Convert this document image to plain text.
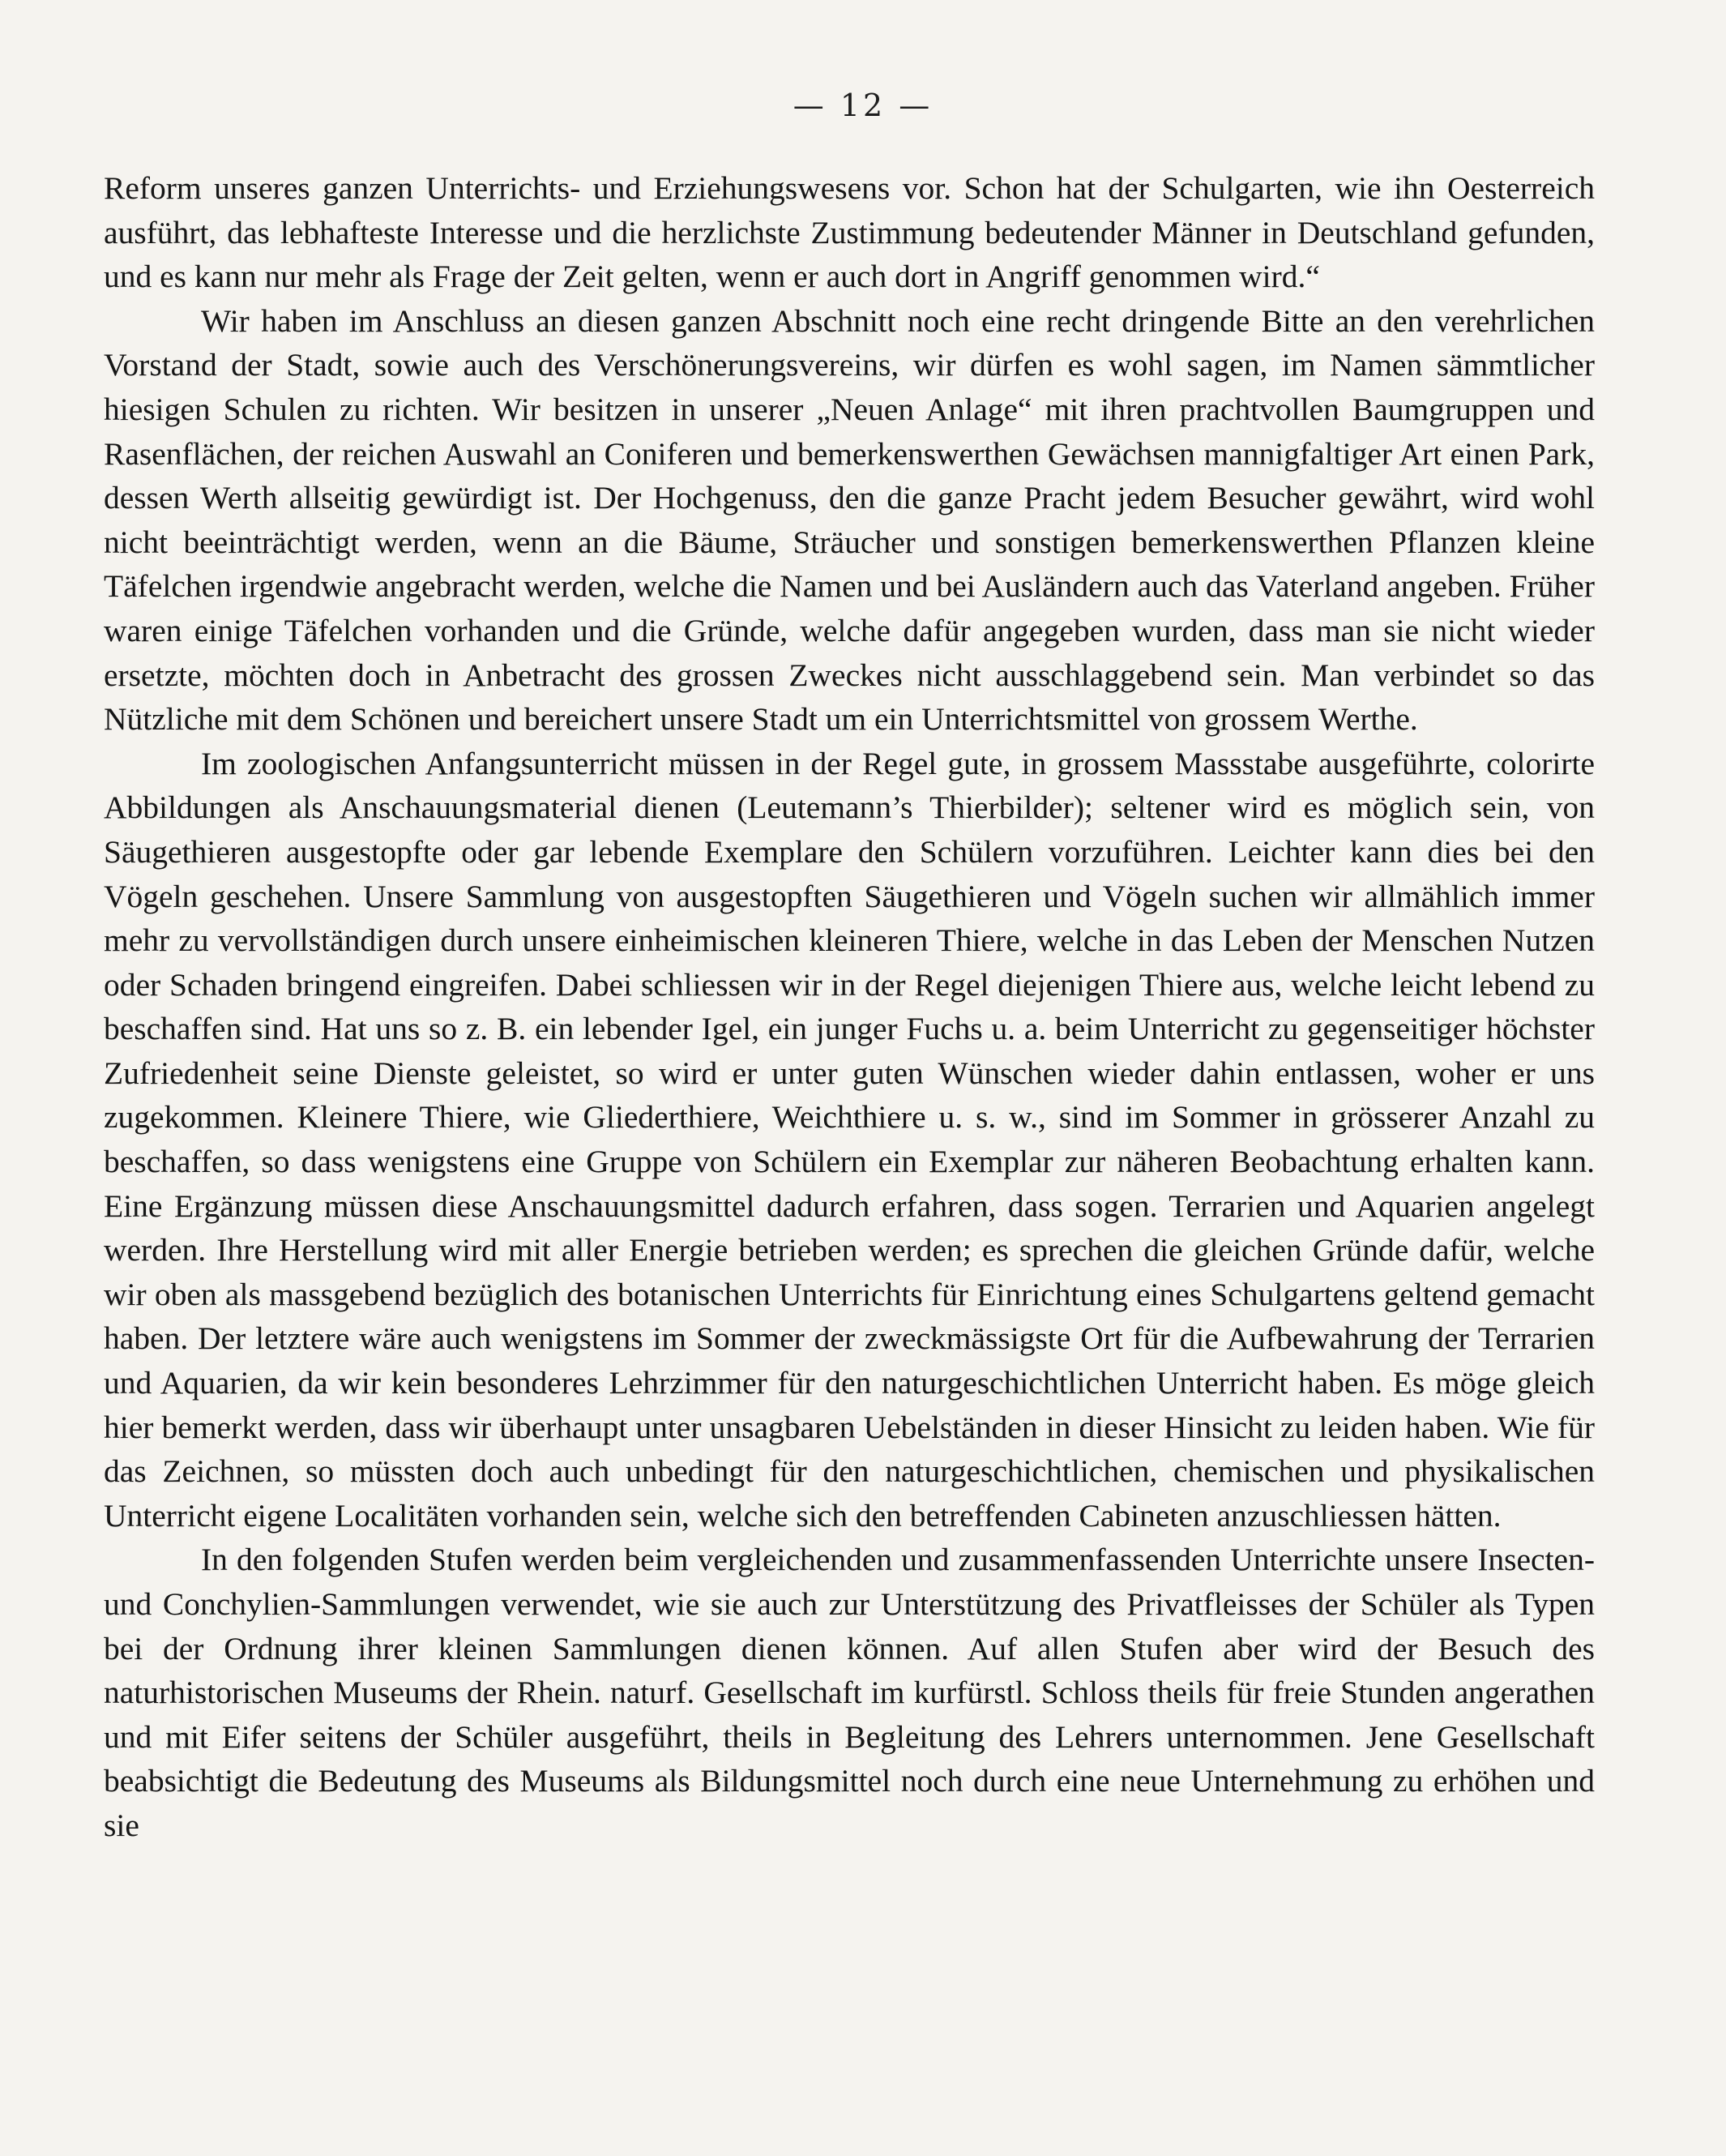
— 12 —

Reform unseres ganzen Unterrichts- und Erziehungswesens vor. Schon hat der Schulgarten, wie ihn Oesterreich ausführt, das lebhafteste Interesse und die herzlichste Zustimmung bedeutender Männer in Deutschland gefunden, und es kann nur mehr als Frage der Zeit gelten, wenn er auch dort in Angriff genommen wird.“

Wir haben im Anschluss an diesen ganzen Abschnitt noch eine recht dringende Bitte an den verehrlichen Vorstand der Stadt, sowie auch des Verschönerungsvereins, wir dürfen es wohl sagen, im Namen sämmtlicher hiesigen Schulen zu richten. Wir besitzen in unserer „Neuen Anlage“ mit ihren prachtvollen Baumgruppen und Rasenflächen, der reichen Auswahl an Coniferen und bemerkenswerthen Gewächsen mannigfaltiger Art einen Park, dessen Werth allseitig gewürdigt ist. Der Hochgenuss, den die ganze Pracht jedem Besucher gewährt, wird wohl nicht beeinträchtigt werden, wenn an die Bäume, Sträucher und sonstigen bemerkenswerthen Pflanzen kleine Täfelchen irgendwie angebracht werden, welche die Namen und bei Ausländern auch das Vaterland angeben. Früher waren einige Täfelchen vorhanden und die Gründe, welche dafür angegeben wurden, dass man sie nicht wieder ersetzte, möchten doch in Anbetracht des grossen Zweckes nicht ausschlaggebend sein. Man verbindet so das Nützliche mit dem Schönen und bereichert unsere Stadt um ein Unterrichtsmittel von grossem Werthe.

Im zoologischen Anfangsunterricht müssen in der Regel gute, in grossem Massstabe ausgeführte, colorirte Abbildungen als Anschauungsmaterial dienen (Leutemann’s Thierbilder); seltener wird es möglich sein, von Säugethieren ausgestopfte oder gar lebende Exemplare den Schülern vorzuführen. Leichter kann dies bei den Vögeln geschehen. Unsere Sammlung von ausgestopften Säugethieren und Vögeln suchen wir allmählich immer mehr zu vervollständigen durch unsere einheimischen kleineren Thiere, welche in das Leben der Menschen Nutzen oder Schaden bringend eingreifen. Dabei schliessen wir in der Regel diejenigen Thiere aus, welche leicht lebend zu beschaffen sind. Hat uns so z. B. ein lebender Igel, ein junger Fuchs u. a. beim Unterricht zu gegenseitiger höchster Zufriedenheit seine Dienste geleistet, so wird er unter guten Wünschen wieder dahin entlassen, woher er uns zugekommen. Kleinere Thiere, wie Gliederthiere, Weichthiere u. s. w., sind im Sommer in grösserer Anzahl zu beschaffen, so dass wenigstens eine Gruppe von Schülern ein Exemplar zur näheren Beobachtung erhalten kann. Eine Ergänzung müssen diese Anschauungsmittel dadurch erfahren, dass sogen. Terrarien und Aquarien angelegt werden. Ihre Herstellung wird mit aller Energie betrieben werden; es sprechen die gleichen Gründe dafür, welche wir oben als massgebend bezüglich des botanischen Unterrichts für Einrichtung eines Schulgartens geltend gemacht haben. Der letztere wäre auch wenigstens im Sommer der zweckmässigste Ort für die Aufbewahrung der Terrarien und Aquarien, da wir kein besonderes Lehrzimmer für den naturgeschichtlichen Unterricht haben. Es möge gleich hier bemerkt werden, dass wir überhaupt unter unsagbaren Uebelständen in dieser Hinsicht zu leiden haben. Wie für das Zeichnen, so müssten doch auch unbedingt für den naturgeschichtlichen, chemischen und physikalischen Unterricht eigene Localitäten vorhanden sein, welche sich den betreffenden Cabineten anzuschliessen hätten.

In den folgenden Stufen werden beim vergleichenden und zusammenfassenden Unterrichte unsere Insecten- und Conchylien-Sammlungen verwendet, wie sie auch zur Unterstützung des Privatfleisses der Schüler als Typen bei der Ordnung ihrer kleinen Sammlungen dienen können. Auf allen Stufen aber wird der Besuch des naturhistorischen Museums der Rhein. naturf. Gesellschaft im kurfürstl. Schloss theils für freie Stunden angerathen und mit Eifer seitens der Schüler ausgeführt, theils in Begleitung des Lehrers unternommen. Jene Gesellschaft beabsichtigt die Bedeutung des Museums als Bildungsmittel noch durch eine neue Unternehmung zu erhöhen und sie
